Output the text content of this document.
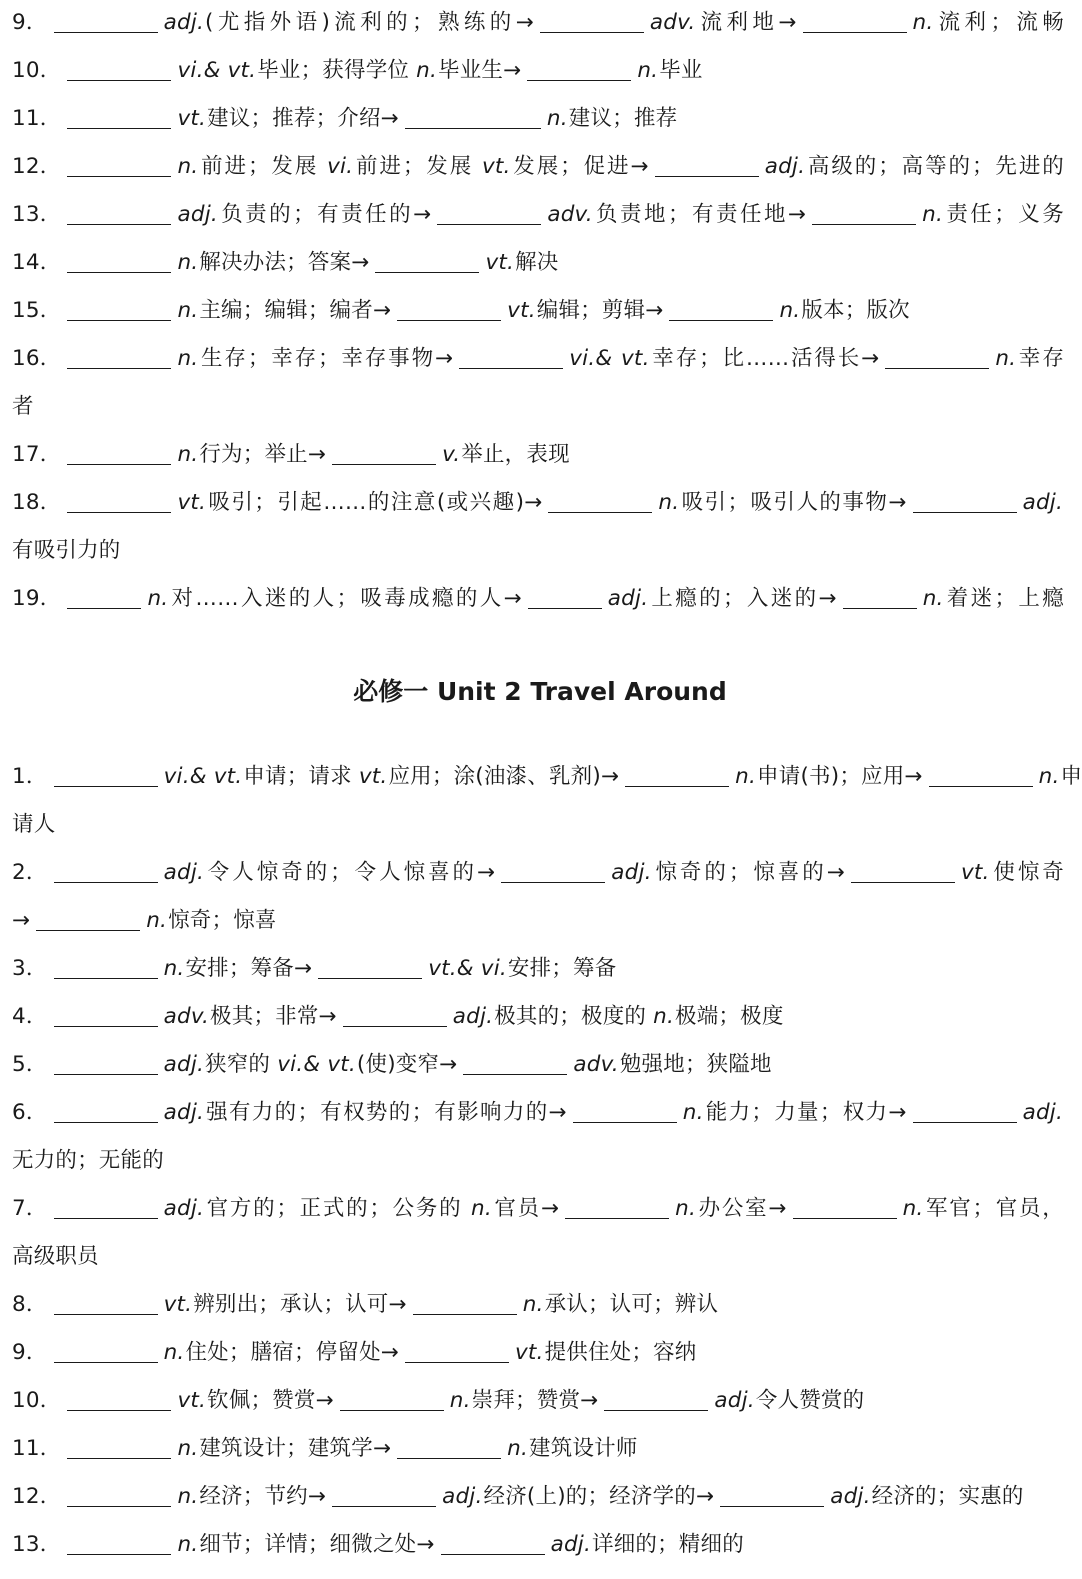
9．	adj.(尤指外语)流利的；熟练的→	adv.流利地→	n.流利；流畅
10．	vi.& vt.毕业；获得学位 n.毕业生→	n.毕业
11．	vt.建议；推荐；介绍→	n.建议；推荐
12．	n.前进；发展 vi.前进；发展 vt.发展；促进→	adj.高级的；高等的；先进的
13．	adj.负责的；有责任的→	adv.负责地；有责任地→	n.责任；义务
14．	n.解决办法；答案→	vt.解决
15．	n.主编；编辑；编者→	vt.编辑；剪辑→	n.版本；版次
16．	n.生存；幸存；幸存事物→	vi.& vt.幸存；比……活得长→	n.幸存
者
17．	n.行为；举止→	v.举止，表现
18．	vt.吸引；引起……的注意(或兴趣)→	n.吸引；吸引人的事物→	adj.
有吸引力的
19．	n.对……入迷的人；吸毒成瘾的人→	adj.上瘾的；入迷的→	n.着迷；上瘾
必修一 Unit 2 Travel Around
1．	vi.& vt.申请；请求 vt.应用；涂(油漆、乳剂)→	n.申请(书)；应用→	n.申
请人
2．	adj.令人惊奇的；令人惊喜的→	adj.惊奇的；惊喜的→	vt.使惊奇
→	n.惊奇；惊喜
3．	n.安排；筹备→	vt.& vi.安排；筹备
4．	adv.极其；非常→	adj.极其的；极度的 n.极端；极度
5．	adj.狭窄的 vi.& vt.(使)变窄→	adv.勉强地；狭隘地
6．	adj.强有力的；有权势的；有影响力的→	n.能力；力量；权力→	adj.
无力的；无能的
7．	adj.官方的；正式的；公务的 n.官员→	n.办公室→	n.军官；官员，
高级职员
8．	vt.辨别出；承认；认可→	n.承认；认可；辨认
9．	n.住处；膳宿；停留处→	vt.提供住处；容纳
10．	vt.钦佩；赞赏→	n.崇拜；赞赏→	adj.令人赞赏的
11．	n.建筑设计；建筑学→	n.建筑设计师
12．	n.经济；节约→	adj.经济(上)的；经济学的→	adj.经济的；实惠的
13．	n.细节；详情；细微之处→	adj.详细的；精细的
